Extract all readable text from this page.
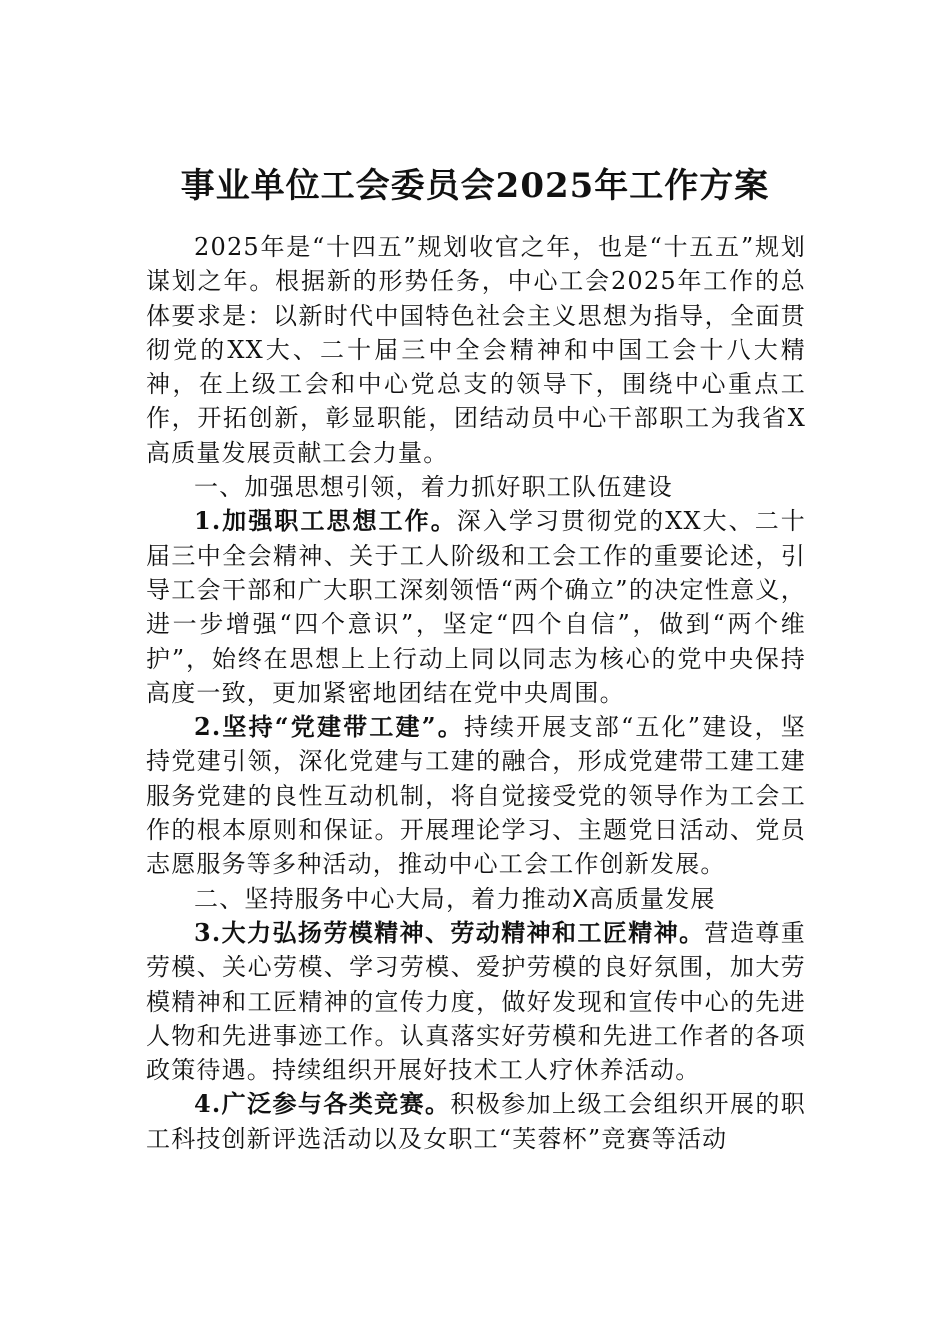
事业单位工会委员会2025年工作方案

2025年是“十四五”规划收官之年，也是“十五五”规划谋划之年。根据新的形势任务，中心工会2025年工作的总体要求是：以新时代中国特色社会主义思想为指导，全面贯彻党的XX大、二十届三中全会精神和中国工会十八大精神，在上级工会和中心党总支的领导下，围绕中心重点工作，开拓创新，彰显职能，团结动员中心干部职工为我省X高质量发展贡献工会力量。

一、加强思想引领，着力抓好职工队伍建设

1.加强职工思想工作。深入学习贯彻党的XX大、二十届三中全会精神、关于工人阶级和工会工作的重要论述，引导工会干部和广大职工深刻领悟“两个确立”的决定性意义，进一步增强“四个意识”，坚定“四个自信”，做到“两个维护”，始终在思想上上行动上同以同志为核心的党中央保持高度一致，更加紧密地团结在党中央周围。

2.坚持“党建带工建”。持续开展支部“五化”建设，坚持党建引领，深化党建与工建的融合，形成党建带工建工建服务党建的良性互动机制，将自觉接受党的领导作为工会工作的根本原则和保证。开展理论学习、主题党日活动、党员志愿服务等多种活动，推动中心工会工作创新发展。

二、坚持服务中心大局，着力推动X高质量发展

3.大力弘扬劳模精神、劳动精神和工匠精神。营造尊重劳模、关心劳模、学习劳模、爱护劳模的良好氛围，加大劳模精神和工匠精神的宣传力度，做好发现和宣传中心的先进人物和先进事迹工作。认真落实好劳模和先进工作者的各项政策待遇。持续组织开展好技术工人疗休养活动。

4.广泛参与各类竞赛。积极参加上级工会组织开展的职工科技创新评选活动以及女职工“芙蓉杯”竞赛等活动
